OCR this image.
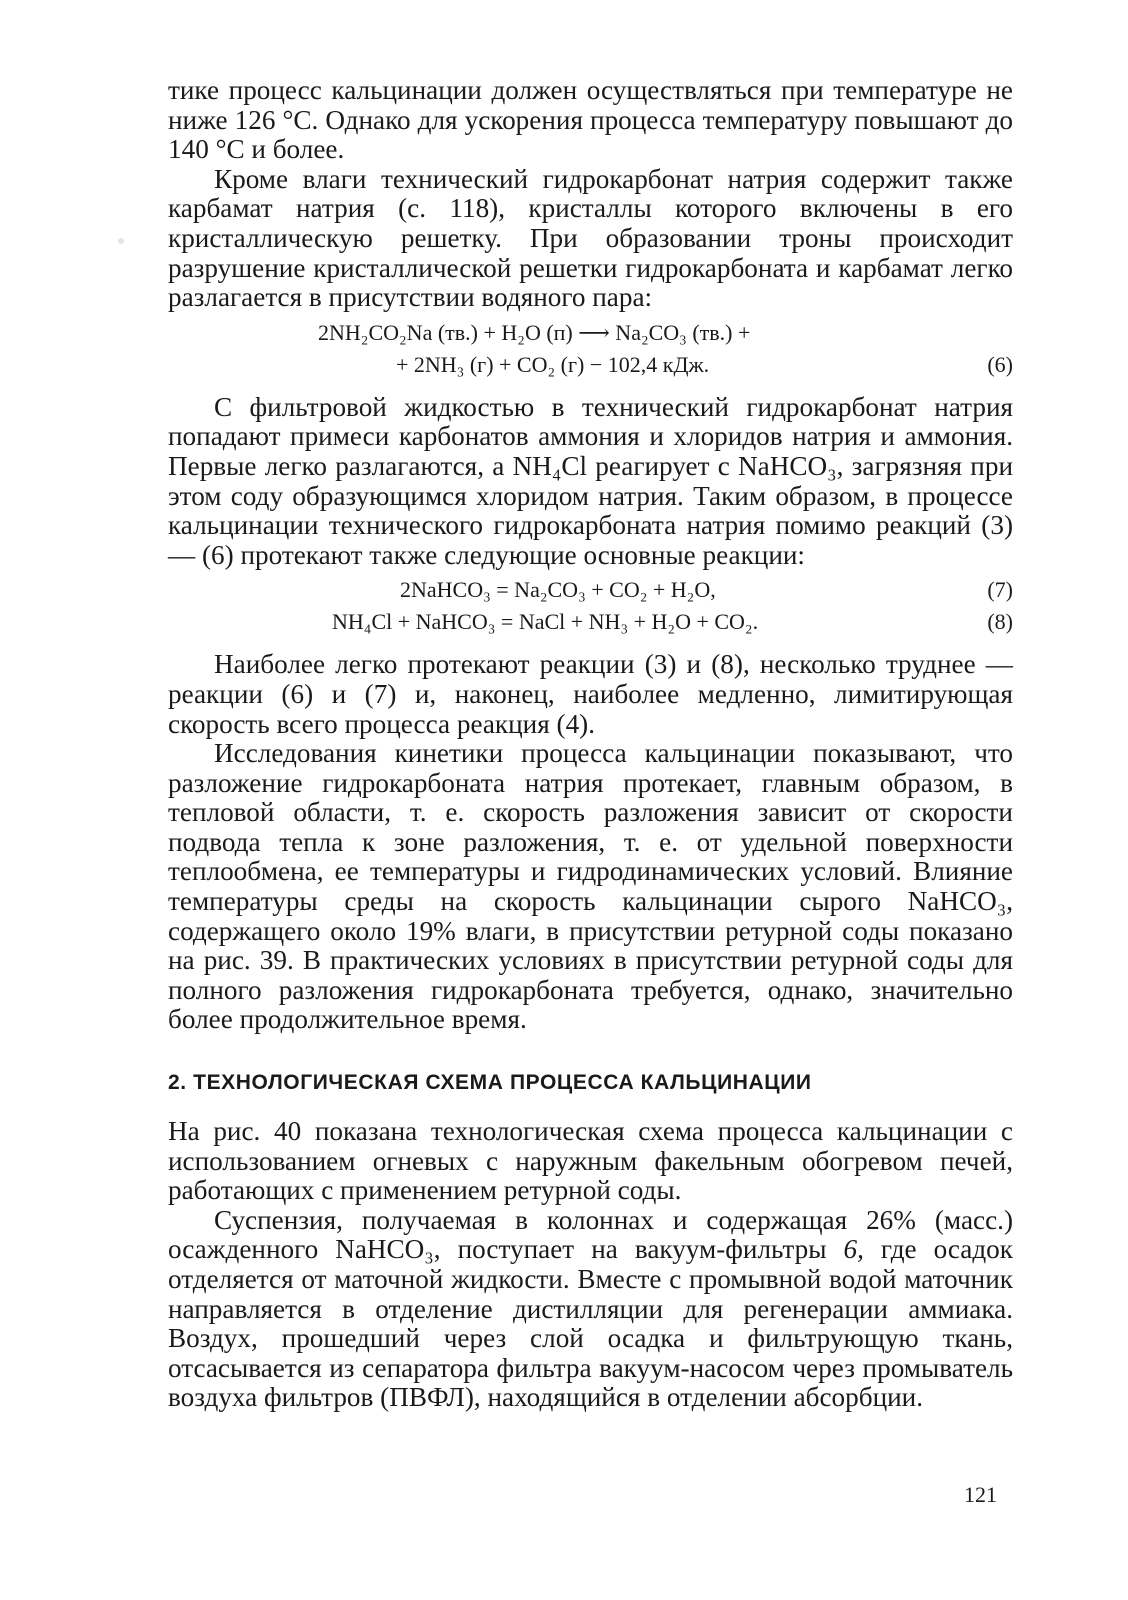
тике процесс кальцинации должен осуществляться при температуре не ниже 126 °C. Однако для ускорения процесса температуру повышают до 140 °C и более.

Кроме влаги технический гидрокарбонат натрия содержит также карбамат натрия (с. 118), кристаллы которого включены в его кристаллическую решетку. При образовании троны происходит разрушение кристаллической решетки гидрокарбоната и карбамат легко разлагается в присутствии водяного пара:

2NH₂CO₂Na (тв.) + H₂O (п) ⟶ Na₂CO₃ (тв.) +
+ 2NH₃ (г) + CO₂ (г) − 102,4 кДж.	(6)

С фильтровой жидкостью в технический гидрокарбонат натрия попадают примеси карбонатов аммония и хлоридов натрия и аммония. Первые легко разлагаются, а NH₄Cl реагирует с NaHCO₃, загрязняя при этом соду образующимся хлоридом натрия. Таким образом, в процессе кальцинации технического гидрокарбоната натрия помимо реакций (3) — (6) протекают также следующие основные реакции:

2NaHCO₃ = Na₂CO₃ + CO₂ + H₂O,	(7)
NH₄Cl + NaHCO₃ = NaCl + NH₃ + H₂O + CO₂.	(8)

Наиболее легко протекают реакции (3) и (8), несколько труднее — реакции (6) и (7) и, наконец, наиболее медленно, лимитирующая скорость всего процесса реакция (4).

Исследования кинетики процесса кальцинации показывают, что разложение гидрокарбоната натрия протекает, главным образом, в тепловой области, т. е. скорость разложения зависит от скорости подвода тепла к зоне разложения, т. е. от удельной поверхности теплообмена, ее температуры и гидродинамических условий. Влияние температуры среды на скорость кальцинации сырого NaHCO₃, содержащего около 19% влаги, в присутствии ретурной соды показано на рис. 39. В практических условиях в присутствии ретурной соды для полного разложения гидрокарбоната требуется, однако, значительно более продолжительное время.

2. ТЕХНОЛОГИЧЕСКАЯ СХЕМА ПРОЦЕССА КАЛЬЦИНАЦИИ

На рис. 40 показана технологическая схема процесса кальцинации с использованием огневых с наружным факельным обогревом печей, работающих с применением ретурной соды.

Суспензия, получаемая в колоннах и содержащая 26% (масс.) осажденного NaHCO₃, поступает на вакуум-фильтры 6, где осадок отделяется от маточной жидкости. Вместе с промывной водой маточник направляется в отделение дистилляции для регенерации аммиака. Воздух, прошедший через слой осадка и фильтрующую ткань, отсасывается из сепаратора фильтра вакуум-насосом через промыватель воздуха фильтров (ПВФЛ), находящийся в отделении абсорбции.

121
